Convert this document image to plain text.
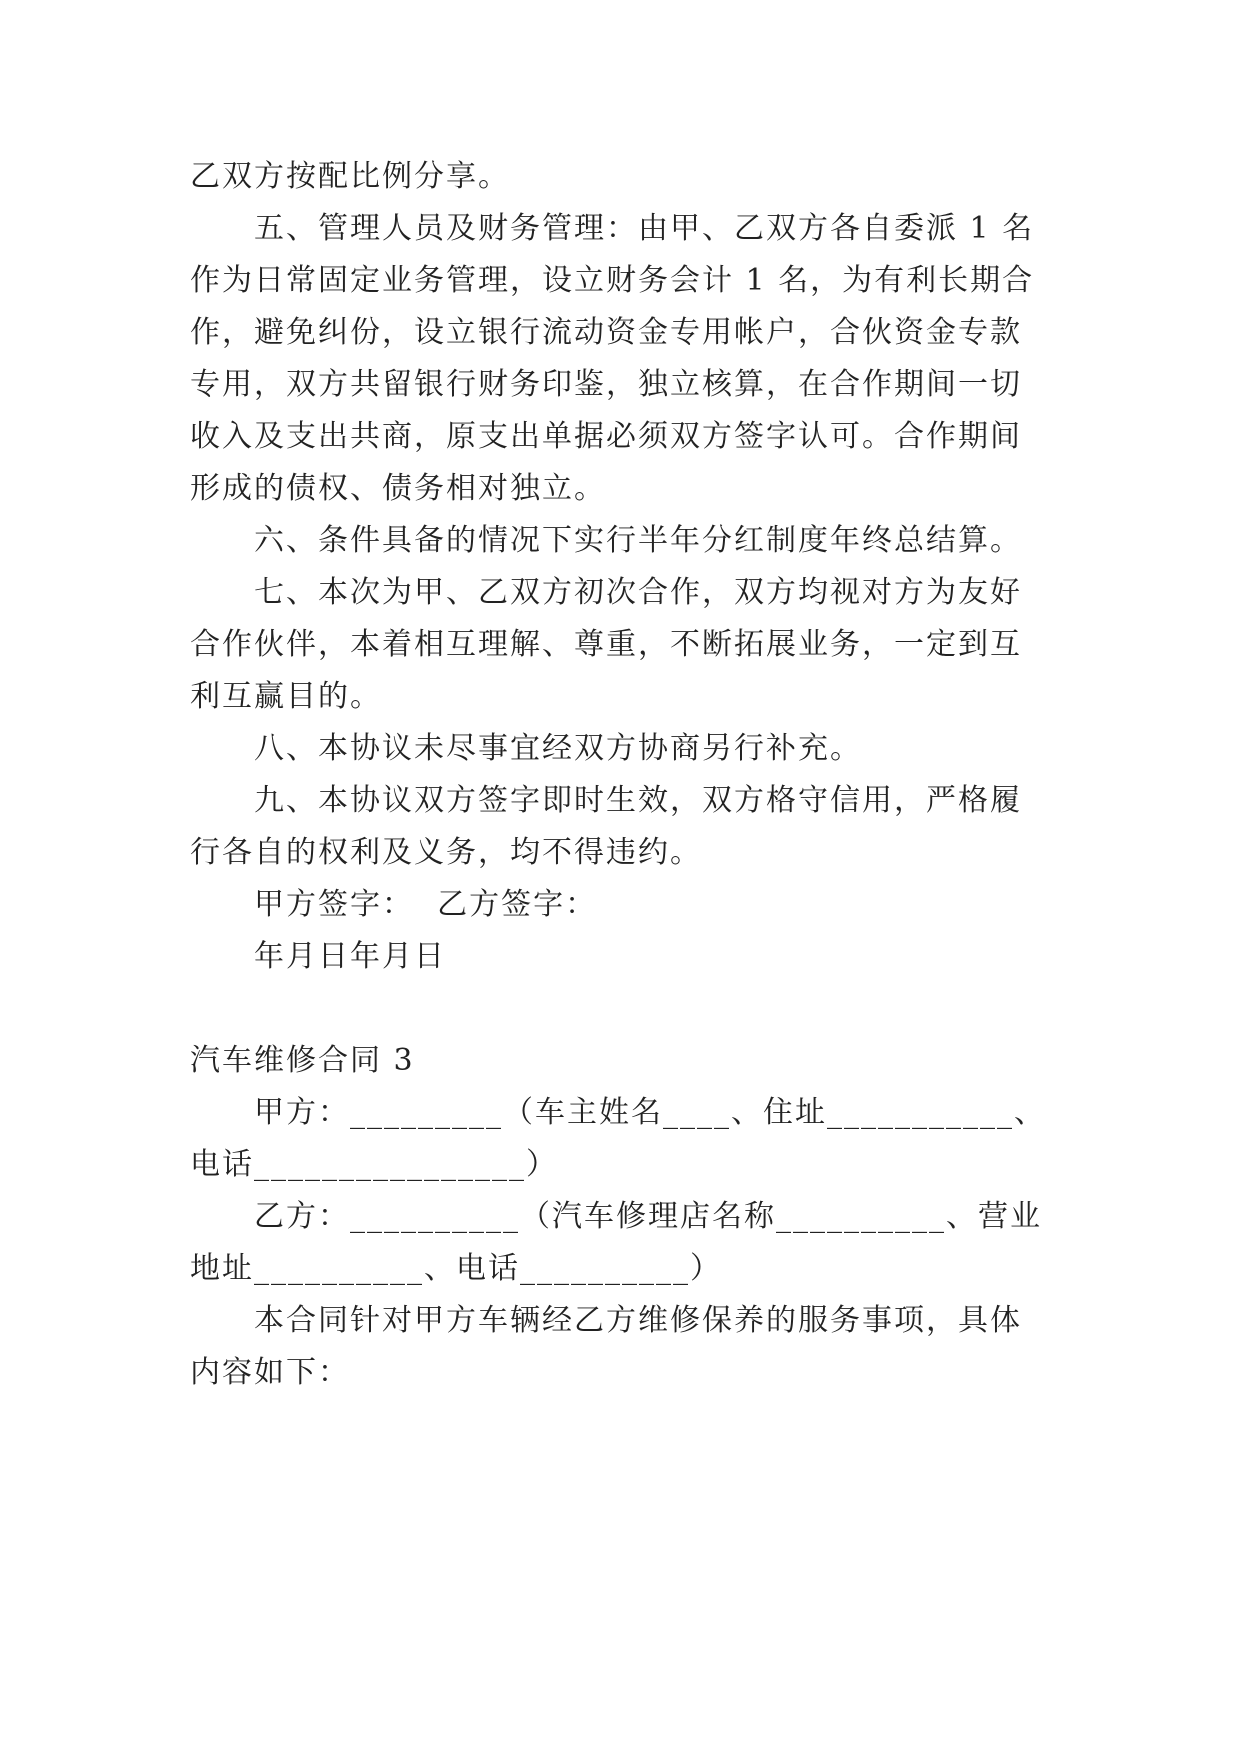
乙双方按配比例分享。
五、管理人员及财务管理：由甲、乙双方各自委派 1 名
作为日常固定业务管理，设立财务会计 1 名，为有利长期合
作，避免纠份，设立银行流动资金专用帐户，合伙资金专款
专用，双方共留银行财务印鉴，独立核算，在合作期间一切
收入及支出共商，原支出单据必须双方签字认可。合作期间
形成的债权、债务相对独立。
六、条件具备的情况下实行半年分红制度年终总结算。
七、本次为甲、乙双方初次合作，双方均视对方为友好
合作伙伴，本着相互理解、尊重，不断拓展业务，一定到互
利互赢目的。
八、本协议未尽事宜经双方协商另行补充。
九、本协议双方签字即时生效，双方格守信用，严格履
行各自的权利及义务，均不得违约。
甲方签字：  乙方签字：
年月日年月日
汽车维修合同 3
甲方：_________（车主姓名____、住址___________、
电话________________）
乙方：__________（汽车修理店名称__________、营业
地址__________、电话__________）
本合同针对甲方车辆经乙方维修保养的服务事项，具体
内容如下：
